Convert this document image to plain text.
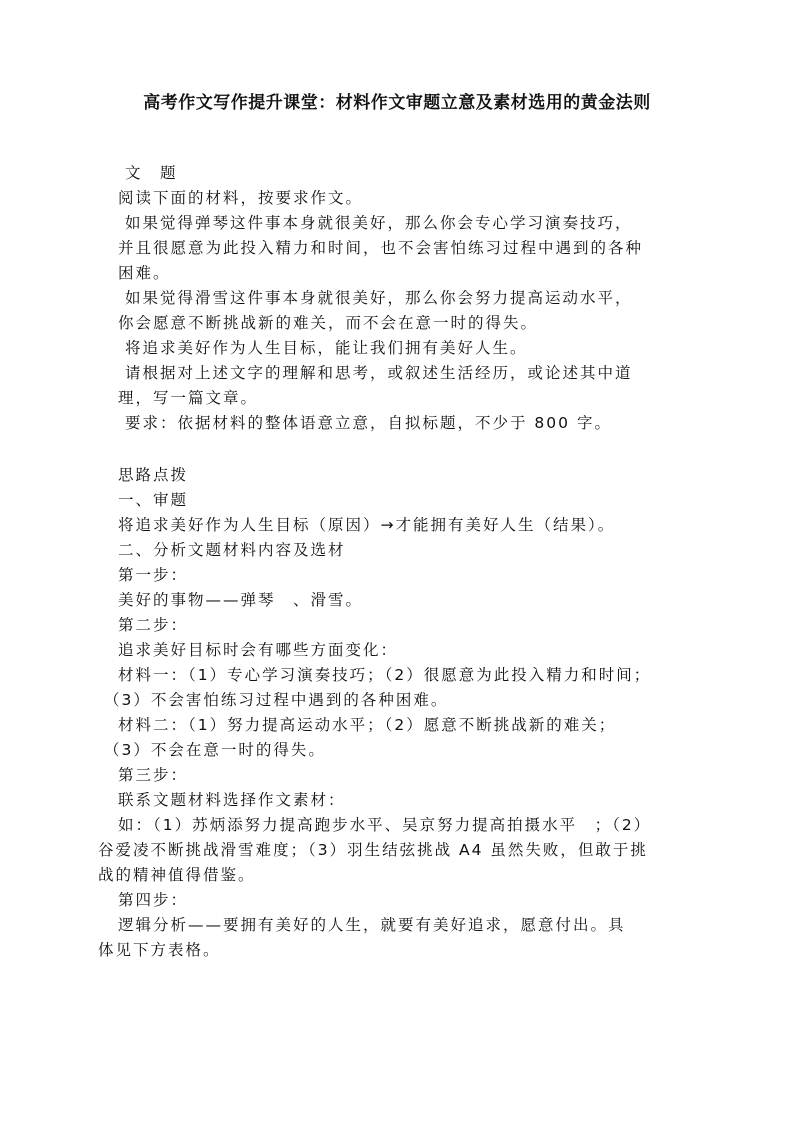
高考作文写作提升课堂：材料作文审题立意及素材选用的黄金法则
文　题
阅读下面的材料，按要求作文。
如果觉得弹琴这件事本身就很美好，那么你会专心学习演奏技巧，
并且很愿意为此投入精力和时间，也不会害怕练习过程中遇到的各种
困难。
如果觉得滑雪这件事本身就很美好，那么你会努力提高运动水平，
你会愿意不断挑战新的难关，而不会在意一时的得失。
将追求美好作为人生目标，能让我们拥有美好人生。
请根据对上述文字的理解和思考，或叙述生活经历，或论述其中道
理，写一篇文章。
要求：依据材料的整体语意立意，自拟标题，不少于 800 字。
思路点拨
一、审题
将追求美好作为人生目标（原因）→才能拥有美好人生（结果）。
二、分析文题材料内容及选材
第一步：
美好的事物——弹琴　、滑雪。
第二步：
追求美好目标时会有哪些方面变化：
材料一：（1）专心学习演奏技巧；（2）很愿意为此投入精力和时间；
（3）不会害怕练习过程中遇到的各种困难。
材料二：（1）努力提高运动水平；（2）愿意不断挑战新的难关；
（3）不会在意一时的得失。
第三步：
联系文题材料选择作文素材：
如：（1）苏炳添努力提高跑步水平、吴京努力提高拍摄水平　；（2）
谷爱凌不断挑战滑雪难度；（3）羽生结弦挑战 A4 虽然失败，但敢于挑
战的精神值得借鉴。
第四步：
逻辑分析——要拥有美好的人生，就要有美好追求，愿意付出。具
体见下方表格。
